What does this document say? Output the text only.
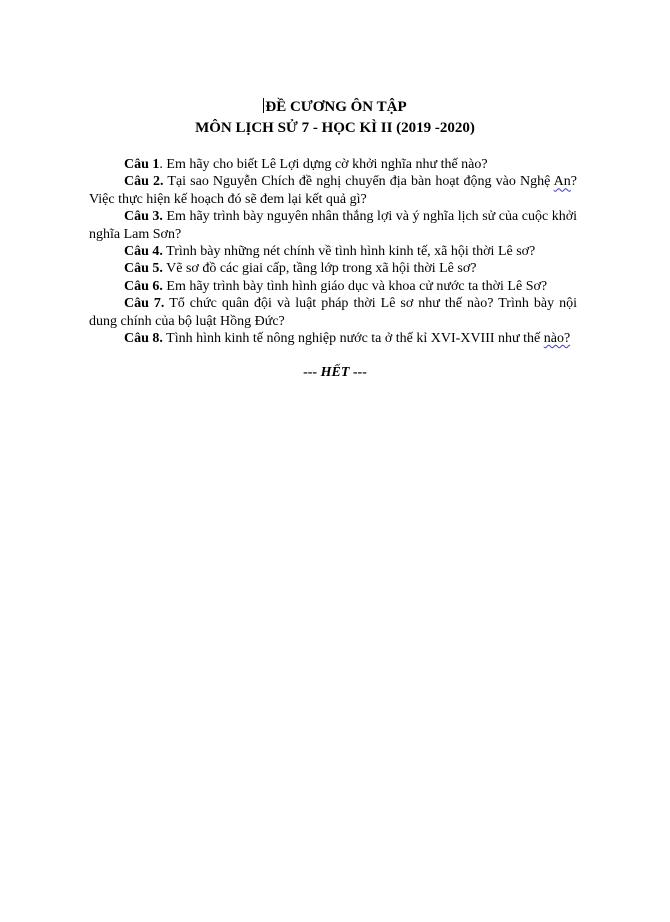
ĐỀ CƯƠNG ÔN TẬP
MÔN LỊCH SỬ 7 - HỌC KÌ II (2019 -2020)

Câu 1. Em hãy cho biết Lê Lợi dựng cờ khởi nghĩa như thế nào?

Câu 2. Tại sao Nguyễn Chích đề nghị chuyển địa bàn hoạt động vào Nghệ An? Việc thực hiện kế hoạch đó sẽ đem lại kết quả gì?

Câu 3. Em hãy trình bày nguyên nhân thắng lợi và ý nghĩa lịch sử của cuộc khởi nghĩa Lam Sơn?

Câu 4. Trình bày những nét chính về tình hình kinh tế, xã hội thời Lê sơ?

Câu 5. Vẽ sơ đồ các giai cấp, tầng lớp trong xã hội thời Lê sơ?

Câu 6. Em hãy trình bày tình hình giáo dục và khoa cử nước ta thời Lê Sơ?

Câu 7. Tổ chức quân đội và luật pháp thời Lê sơ như thế nào? Trình bày nội dung chính của bộ luật Hồng Đức?

Câu 8. Tình hình kinh tế nông nghiệp nước ta ở thế kỉ XVI-XVIII như thế nào?

--- HẾT ---
